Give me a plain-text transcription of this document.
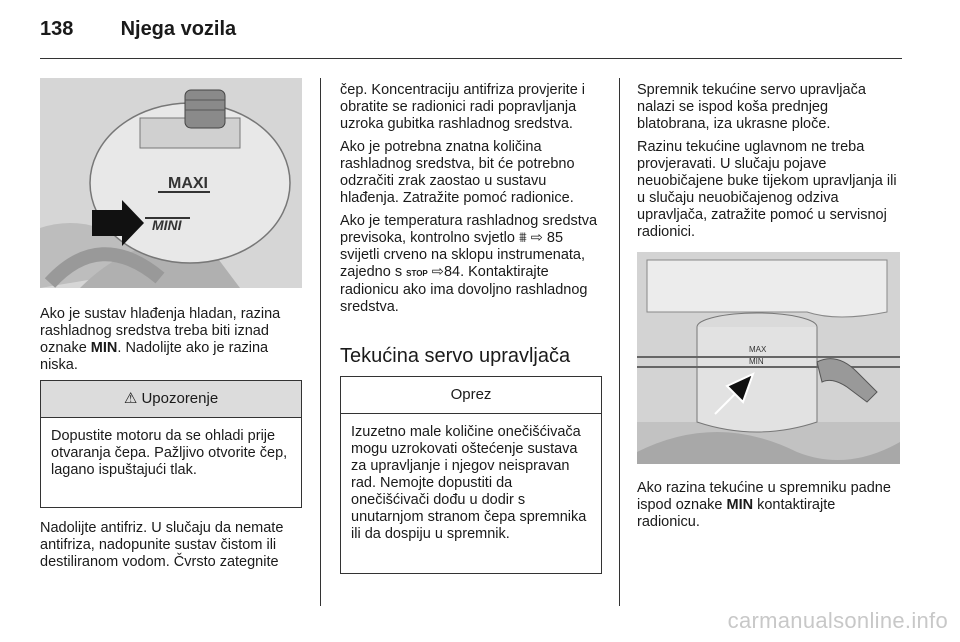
138 Njega vozila
MAXI
MINI

Ako je sustav hlađenja hladan, razina rashladnog sredstva treba biti iznad oznake MIN. Nadolijte ako je razina niska.

⚠ Upozorenje

Dopustite motoru da se ohladi prije otvaranja čepa. Pažljivo otvorite čep, lagano ispuštajući tlak.

Nadolijte antifriz. U slučaju da nemate antifriza, nadopunite sustav čistom ili destiliranom vodom. Čvrsto zategnite

čep. Koncentraciju antifriza provjerite i obratite se radionici radi popravljanja uzroka gubitka rashladnog sredstva.

Ako je potrebna znatna količina rashladnog sredstva, bit će potrebno odzračiti zrak zaostao u sustavu hlađenja. Zatražite pomoć radionice.

Ako je temperatura rashladnog sredstva previsoka, kontrolno svjetlo ⩩ ⇨ 85 svijetli crveno na sklopu instrumenata, zajedno s STOP ⇨84. Kontaktirajte radionicu ako ima dovoljno rashladnog sredstva.

Tekućina servo upravljača
Oprez

Izuzetno male količine onečišćivača mogu uzrokovati oštećenje sustava za upravljanje i njegov neispravan rad. Nemojte dopustiti da onečišćivači dođu u dodir s unutarnjom stranom čepa spremnika ili da dospiju u spremnik.

Spremnik tekućine servo upravljača nalazi se ispod koša prednjeg blatobrana, iza ukrasne ploče.

Razinu tekućine uglavnom ne treba provjeravati. U slučaju pojave neuobičajene buke tijekom upravljanja ili u slučaju neuobičajenog odziva upravljača, zatražite pomoć u servisnoj radionici.

MAX
MIN

Ako razina tekućine u spremniku padne ispod oznake MIN kontaktirajte radionicu.

carmanualsonline.info
